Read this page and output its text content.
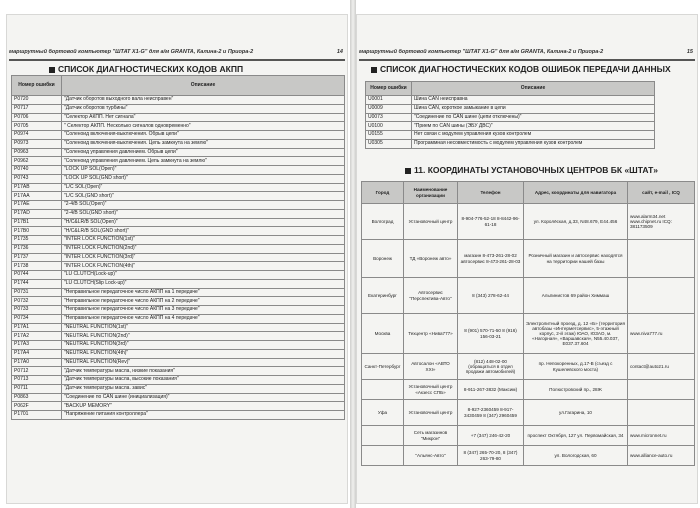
маршрутный бортовой компьютер "ШТАТ Х1-G" для а/м GRANTA, Калина-2 и Приора-2	14
СПИСОК ДИАГНОСТИЧЕСКИХ КОДОВ АКПП
Номер ошибки	Описание
P0720	"Датчик оборотов выходного вала неисправен"
P0717	"Датчик оборотов турбины"
P0706	"Селектор АКПП. Нет сигнала"
P0705	" Селектор АКПП. Несколько сигналов одновременно"
P0974	"Соленоид включения-выключения. Обрыв цепи"
P0973	"Соленоид включения-выключения. Цепь замкнута на землю"
P0963	"Соленоид управления давлением. Обрыв цепи"
P0962	"Соленоид управления давлением. Цепь замкнута на землю"
P0740	"LOCK UP SOL(Open)"
P0743	"LOCK UP SOL(GND short)"
P17AB	"L/C SOL(Open)"
P17AA	"L/C SOL(GND short)"
P17AE	"2-4/B SOL(Open)"
P17AD	"2-4/B SOL(GND short)"
P17B1	"H/C&LR/B SOL(Open)"
P17B0	"H/C&LR/B SOL(GND short)"
P1735	"INTER LOCK FUNCTION(1st)"
P1736	"INTER LOCK FUNCTION(2nd)"
P1737	"INTER LOCK FUNCTION(3rd)"
P1738	"INTER LOCK FUNCTION(4th)"
P0744	"LU CLUTCH(Lock-up)"
P1744	"LU CLUTCH(Slip Lock-up)"
P0731	"Неправильное передаточное число АКПП на 1 передаче"
P0732	"Неправильное передаточное число АКПП на 2 передаче"
P0733	"Неправильное передаточное число АКПП на 3 передаче"
P0734	"Неправильное передаточное число АКПП на 4 передаче"
P17A1	"NEUTRAL FUNCTION(1st)"
P17A2	"NEUTRAL FUNCTION(2nd)"
P17A3	"NEUTRAL FUNCTION(3rd)"
P17A4	"NEUTRAL FUNCTION(4th)"
P17A0	"NEUTRAL FUNCTION(Rev)"
P0712	"Датчик температуры масла, низкие показания"
P0713	"Датчик температуры масла, высокие показания"
P0711	"Датчик температуры масла. завис"
P0863	"Соединение по CAN шине (инициализация)"
P062F	"BACKUP MEMORY"
P1701	"Напряжение питания контроллера"
маршрутный бортовой компьютер "ШТАТ Х1-G" для а/м GRANTA, Калина-2 и Приора-2	15
СПИСОК ДИАГНОСТИЧЕСКИХ КОДОВ ОШИБОК ПЕРЕДАЧИ ДАННЫХ
Номер ошибки	Описание
U0001	Шина CAN неисправна
U0009	Шина CAN, короткое замыкание в цепи
U0073	"Соединение по CAN шине (цепи отключены)"
U0100	"Прием по CAN шины (ЭБУ ДВС)"
U0155	Нет связи с модулем управления кузов контролем
U0305	Программная несовместимость с модулем управления кузов контролем
11. КООРДИНАТЫ УСТАНОВОЧНЫХ ЦЕНТРОВ БК «ШТАТ»
Город	Наименование организации	Телефон	Адрес, координаты для навигатора	сайт, e-mail , ICQ
Волгоград	Установочный центр	8-904-776-52-18 8-8442-96-61-18	ул. Королёская, д.33, N48.679, E44.456	www.alarm34.net www.chipnet.ru ICQ: 381173509
Воронеж	ТД «Воронеж авто»	магазин 8-473-261-28-02 автосервис 8-473-261-28-03	Розничный магазин и автосервис находятся на территории нашей базы	
Екатеринбург	Автосервис "Перспектива-Авто"	8 (343) 278-62-44	Альпинистов 69 район Химмаш	
Москва	Техцентр «Нива777»	8 (901) 570-71-50 8 (916) 156-03-21	Электролитный проезд, д. 12 «Б» (территория автобазы «Интерметсервис», 5-этажный корпус, 2-й этаж) ЮАО, ЮЗАО, м. «Нагорная», «Варшавская», N55.40.037, E037.37.604	www.niva777.ru
Санкт-Петербург	Автосалон «АВТО XXI»	(812) 448-02-00 (обращаться в отдел продажи автомобилей)	пр. Непокоренных, д.17-В (съезд с Кушелевского моста)	contact@auto21.ru
	Установочный центр «Акзесс СПБ»	8-911-267-3832 (Максим)	Полюстровский пр., 28Ж	
Уфа	Установочный центр	8-927-2360459 8-917-3430459 8 (347) 2960459	ул.Гагарина, 10	
	Сеть магазинов "Микрон"	+7 (347) 246-42-20	проспект Октября, 127 ул. Первомайская, 34	www.micronnet.ru
	"Альянс-Авто"	8 (347) 265-70-20, 8 (347) 263-79-80	ул. Вологодская, 60	www.alliance-auto.ru
